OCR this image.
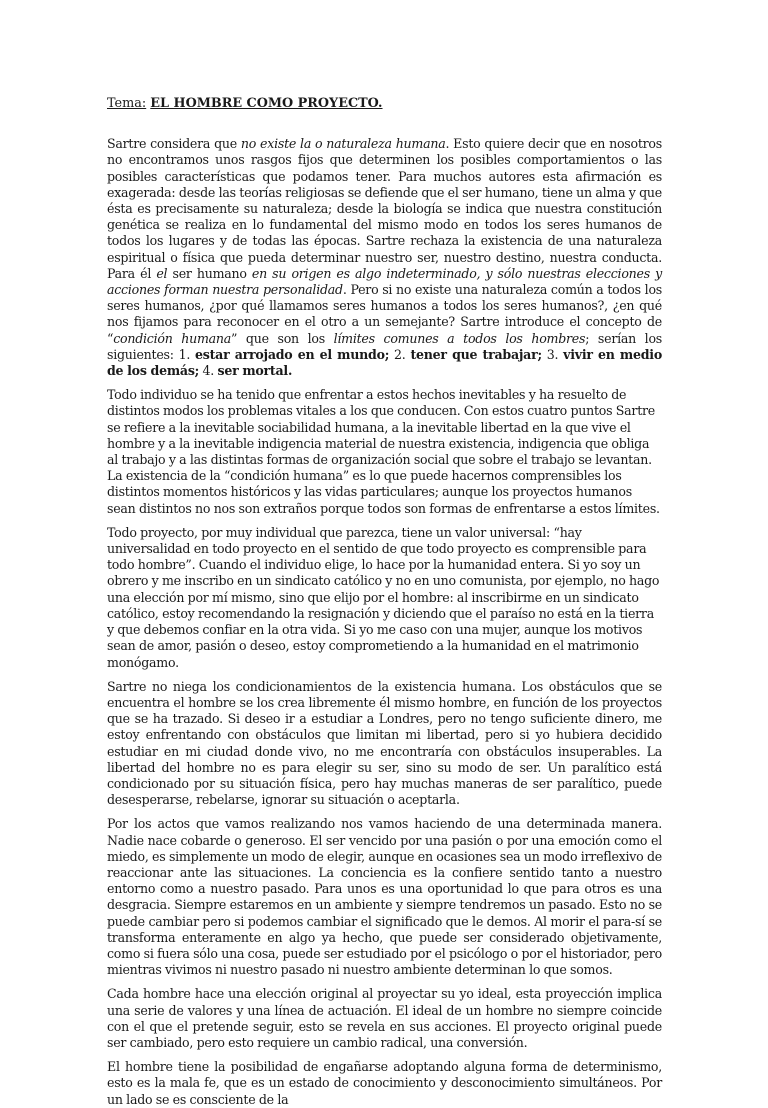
Tema: EL HOMBRE COMO PROYECTO.

Sartre considera que no existe la o naturaleza humana. Esto quiere decir que en nosotros no encontramos unos rasgos fijos que determinen los posibles comportamientos o las posibles características que podamos tener. Para muchos autores esta afirmación es exagerada: desde las teorías religiosas se defiende que el ser humano, tiene un alma y que ésta es precisamente su naturaleza; desde la biología se indica que nuestra constitución genética se realiza en lo fundamental del mismo modo en todos los seres humanos de todos los lugares y de todas las épocas. Sartre rechaza la existencia de una naturaleza espiritual o física que pueda determinar nuestro ser, nuestro destino, nuestra conducta. Para él el ser humano en su origen es algo indeterminado, y sólo nuestras elecciones y acciones forman nuestra personalidad. Pero si no existe una naturaleza común a todos los seres humanos, ¿por qué llamamos seres humanos a todos los seres humanos?, ¿en qué nos fijamos para reconocer en el otro a un semejante? Sartre introduce el concepto de “condición humana” que son los límites comunes a todos los hombres; serían los siguientes: 1. estar arrojado en el mundo; 2. tener que trabajar; 3. vivir en medio de los demás; 4. ser mortal.

Todo individuo se ha tenido que enfrentar a estos hechos inevitables y ha resuelto de distintos modos los problemas vitales a los que conducen. Con estos cuatro puntos Sartre se refiere a la inevitable sociabilidad humana, a la inevitable libertad en la que vive el hombre y a la inevitable indigencia material de nuestra existencia, indigencia que obliga al trabajo y a las distintas formas de organización social que sobre el trabajo se levantan. La existencia de la “condición humana” es lo que puede hacernos comprensibles los distintos momentos históricos y las vidas particulares; aunque los proyectos humanos sean distintos no nos son extraños porque todos son formas de enfrentarse a estos límites.

Todo proyecto, por muy individual que parezca, tiene un valor universal: “hay universalidad en todo proyecto en el sentido de que todo proyecto es comprensible para todo hombre”. Cuando el individuo elige, lo hace por la humanidad entera. Si yo soy un obrero y me inscribo en un sindicato católico y no en uno comunista, por ejemplo, no hago una elección por mí mismo, sino que elijo por el hombre: al inscribirme en un sindicato católico, estoy recomendando la resignación y diciendo que el paraíso no está en la tierra y que debemos confiar en la otra vida. Si yo me caso con una mujer, aunque los motivos sean de amor, pasión o deseo, estoy comprometiendo a la humanidad en el matrimonio monógamo.

Sartre no niega los condicionamientos de la existencia humana. Los obstáculos que se encuentra el hombre se los crea libremente él mismo hombre, en función de los proyectos que se ha trazado. Si deseo ir a estudiar a Londres, pero no tengo suficiente dinero, me estoy enfrentando con obstáculos que limitan mi libertad, pero si yo hubiera decidido estudiar en mi ciudad donde vivo, no me encontraría con obstáculos insuperables. La libertad del hombre no es para elegir su ser, sino su modo de ser. Un paralítico está condicionado por su situación física, pero hay muchas maneras de ser paralítico, puede desesperarse, rebelarse, ignorar su situación o aceptarla.

Por los actos que vamos realizando nos vamos haciendo de una determinada manera. Nadie nace cobarde o generoso. El ser vencido por una pasión o por una emoción como el miedo, es simplemente un modo de elegir, aunque en ocasiones sea un modo irreflexivo de reaccionar ante las situaciones. La conciencia es la confiere sentido tanto a nuestro entorno como a nuestro pasado. Para unos es una oportunidad lo que para otros es una desgracia. Siempre estaremos en un ambiente y siempre tendremos un pasado. Esto no se puede cambiar pero si podemos cambiar el significado que le demos. Al morir el para-sí se transforma enteramente en algo ya hecho, que puede ser considerado objetivamente, como si fuera sólo una cosa, puede ser estudiado por el psicólogo o por el historiador, pero mientras vivimos ni nuestro pasado ni nuestro ambiente determinan lo que somos.

Cada hombre hace una elección original al proyectar su yo ideal, esta proyección implica una serie de valores y una línea de actuación. El ideal de un hombre no siempre coincide con el que el pretende seguir, esto se revela en sus acciones. El proyecto original puede ser cambiado, pero esto requiere un cambio radical, una conversión.

El hombre tiene la posibilidad de engañarse adoptando alguna forma de determinismo, esto es la mala fe, que es un estado de conocimiento y desconocimiento simultáneos. Por un lado se es consciente de la
